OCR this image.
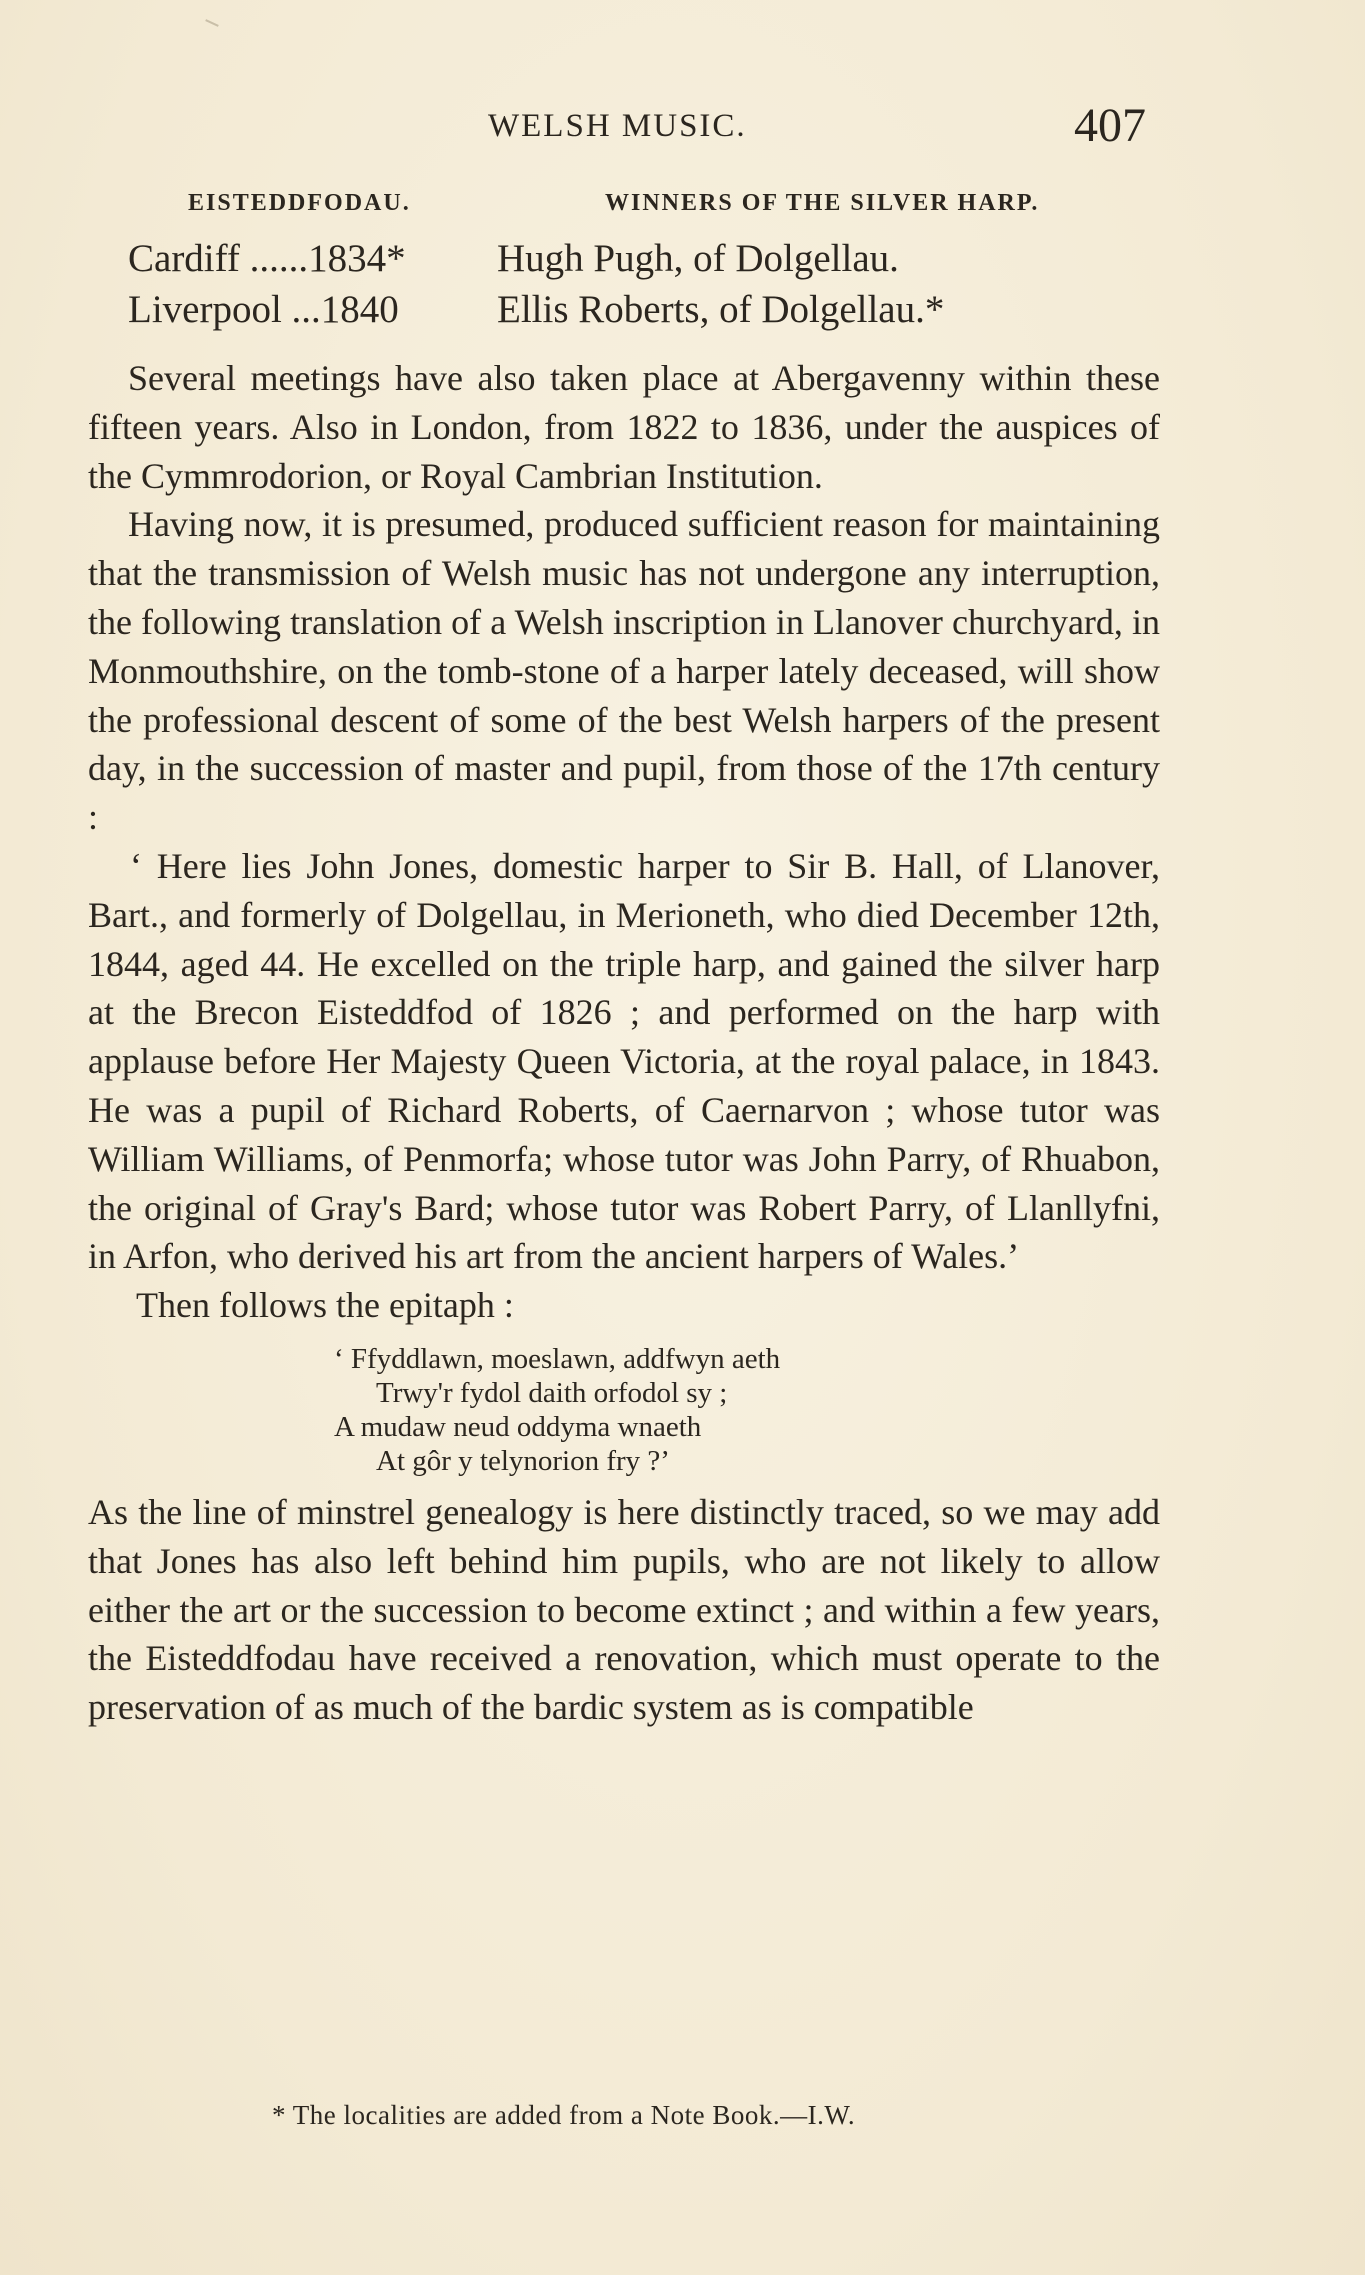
WELSH MUSIC.	407
EISTEDDFODAU.	WINNERS OF THE SILVER HARP.
Cardiff ......1834* Hugh Pugh, of Dolgellau.
Liverpool ...1840	Ellis Roberts, of Dolgellau.*

Several meetings have also taken place at Abergavenny within these fifteen years. Also in London, from 1822 to 1836, under the auspices of the Cymmrodorion, or Royal Cambrian Institution.

Having now, it is presumed, produced sufficient reason for maintaining that the transmission of Welsh music has not undergone any interruption, the following translation of a Welsh inscription in Llanover churchyard, in Monmouthshire, on the tomb-stone of a harper lately deceased, will show the professional descent of some of the best Welsh harpers of the present day, in the succession of master and pupil, from those of the 17th century :

‘ Here lies John Jones, domestic harper to Sir B. Hall, of Llanover, Bart., and formerly of Dolgellau, in Merioneth, who died December 12th, 1844, aged 44. He excelled on the triple harp, and gained the silver harp at the Brecon Eisteddfod of 1826 ; and performed on the harp with applause before Her Majesty Queen Victoria, at the royal palace, in 1843. He was a pupil of Richard Roberts, of Caernarvon ; whose tutor was William Williams, of Penmorfa; whose tutor was John Parry, of Rhuabon, the original of Gray's Bard; whose tutor was Robert Parry, of Llanllyfni, in Arfon, who derived his art from the ancient harpers of Wales.’

Then follows the epitaph :

‘ Ffyddlawn, moeslawn, addfwyn aeth
Trwy'r fydol daith orfodol sy ;
A mudaw neud oddyma wnaeth
At gôr y telynorion fry ?’

As the line of minstrel genealogy is here distinctly traced, so we may add that Jones has also left behind him pupils, who are not likely to allow either the art or the succession to become extinct ; and within a few years, the Eisteddfodau have received a renovation, which must operate to the preservation of as much of the bardic system as is compatible

* The localities are added from a Note Book.—I.W.
